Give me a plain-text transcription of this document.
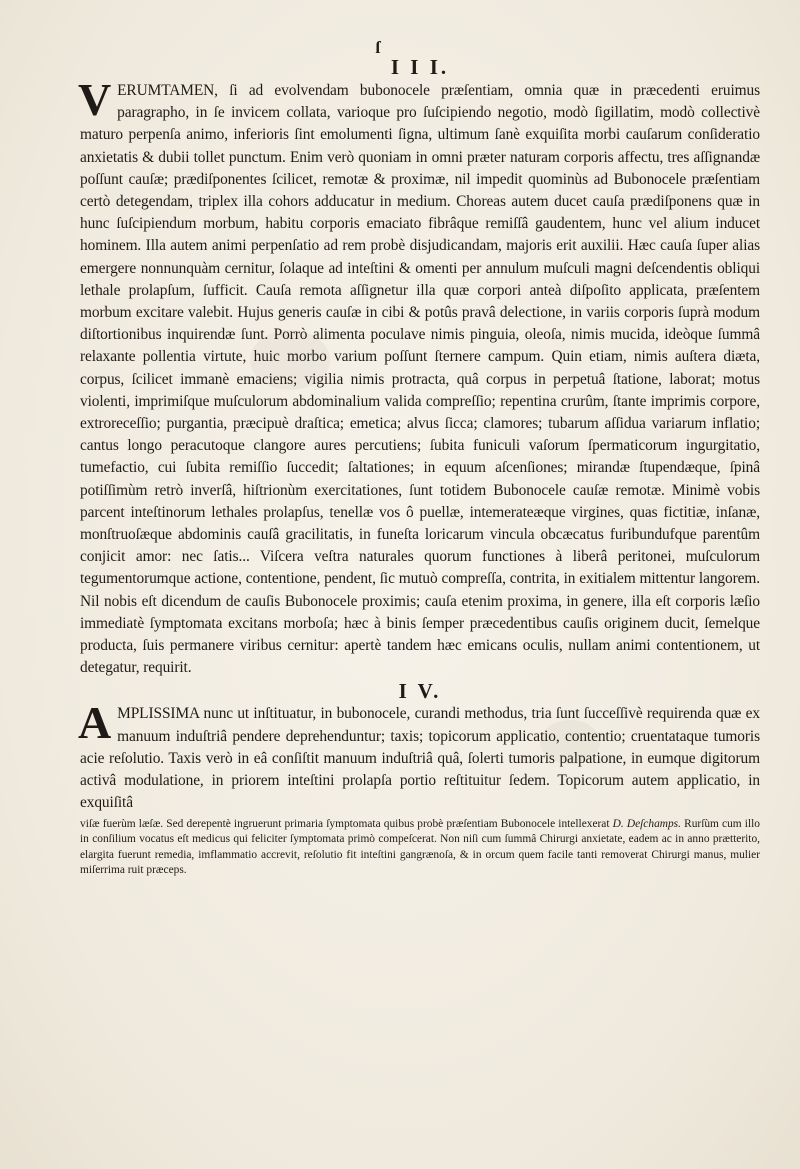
ſ
I I I.

VERUMTAMEN, ſi ad evolvendam bubonocele præſentiam, omnia quæ in præcedenti eruimus paragrapho, in ſe invicem collata, varioque pro ſuſcipiendo negotio, modò ſigillatim, modò collectivè maturo perpenſa animo, inferioris ſint emolumenti ſigna, ultimum ſanè exquiſita morbi cauſarum conſideratio anxietatis & dubii tollet punctum. Enim verò quoniam in omni præter naturam corporis affectu, tres aſſignandæ poſſunt cauſæ; prædiſponentes ſcilicet, remotæ & proximæ, nil impedit quominùs ad Bubonocele præſentiam certò detegendam, triplex illa cohors adducatur in medium. Choreas autem ducet cauſa prædiſponens quæ in hunc ſuſcipiendum morbum, habitu corporis emaciato fibrâque remiſſâ gaudentem, hunc vel alium inducet hominem. Illa autem animi perpenſatio ad rem probè disjudicandam, majoris erit auxilii. Hæc cauſa ſuper alias emergere nonnunquàm cernitur, ſolaque ad inteſtini & omenti per annulum muſculi magni deſcendentis obliqui lethale prolapſum, ſufficit. Cauſa remota aſſignetur illa quæ corpori anteà diſpoſito applicata, præſentem morbum excitare valebit. Hujus generis cauſæ in cibi & potûs pravâ delectione, in variis corporis ſuprà modum diſtortionibus inquirendæ ſunt. Porrò alimenta poculave nimis pinguia, oleoſa, nimis mucida, ideòque ſummâ relaxante pollentia virtute, huic morbo varium poſſunt ſternere campum. Quin etiam, nimis auſtera diæta, corpus, ſcilicet immanè emaciens; vigilia nimis protracta, quâ corpus in perpetuâ ſtatione, laborat; motus violenti, imprimiſque muſculorum abdominalium valida compreſſio; repentina crurûm, ſtante imprimis corpore, extroreceſſio; purgantia, præcipuè draſtica; emetica; alvus ſicca; clamores; tubarum aſſidua variarum inflatio; cantus longo peracutoque clangore aures percutiens; ſubita funiculi vaſorum ſpermaticorum ingurgitatio, tumefactio, cui ſubita remiſſio ſuccedit; ſaltationes; in equum aſcenſiones; mirandæ ſtupendæque, ſpinâ potiſſimùm retrò inverſâ, hiſtrionùm exercitationes, ſunt totidem Bubonocele cauſæ remotæ. Minimè vobis parcent inteſtinorum lethales prolapſus, tenellæ vos ô puellæ, intemerateæque virgines, quas fictitiæ, inſanæ, monſtruoſæque abdominis cauſâ gracilitatis, in funeſta loricarum vincula obcæcatus furibundufque parentûm conjicit amor: nec ſatis... Viſcera veſtra naturales quorum functiones à liberâ peritonei, muſculorum tegumentorumque actione, contentione, pendent, ſic mutuò compreſſa, contrita, in exitialem mittentur langorem. Nil nobis eſt dicendum de cauſis Bubonocele proximis; cauſa etenim proxima, in genere, illa eſt corporis læſio immediatè ſymptomata excitans morboſa; hæc à binis ſemper præcedentibus cauſis originem ducit, ſemelque producta, ſuis permanere viribus cernitur: apertè tandem hæc emicans oculis, nullam animi contentionem, ut detegatur, requirit.

I V.

AMPLISSIMA nunc ut inſtituatur, in bubonocele, curandi methodus, tria ſunt ſucceſſivè requirenda quæ ex manuum induſtriâ pendere deprehenduntur; taxis; topicorum applicatio, contentio; cruentataque tumoris acie reſolutio. Taxis verò in eâ conſiſtit manuum induſtriâ quâ, ſolerti tumoris palpatione, in eumque digitorum activâ modulatione, in priorem inteſtini prolapſa portio reſtituitur ſedem. Topicorum autem applicatio, in exquiſitâ

viſæ fuerùm læſæ. Sed derepentè ingruerunt primaria ſymptomata quibus probè præſentiam Bubonocele intellexerat D. Deſchamps. Rurſùm cum illo in conſilium vocatus eſt medicus qui feliciter ſymptomata primò compeſcerat. Non niſi cum ſummâ Chirurgi anxietate, eadem ac in anno prætterito, elargita fuerunt remedia, imflammatio accrevit, reſolutio fit inteſtini gangrænoſa, & in orcum quem facile tanti removerat Chirurgi manus, mulier miſerrima ruit præceps.
